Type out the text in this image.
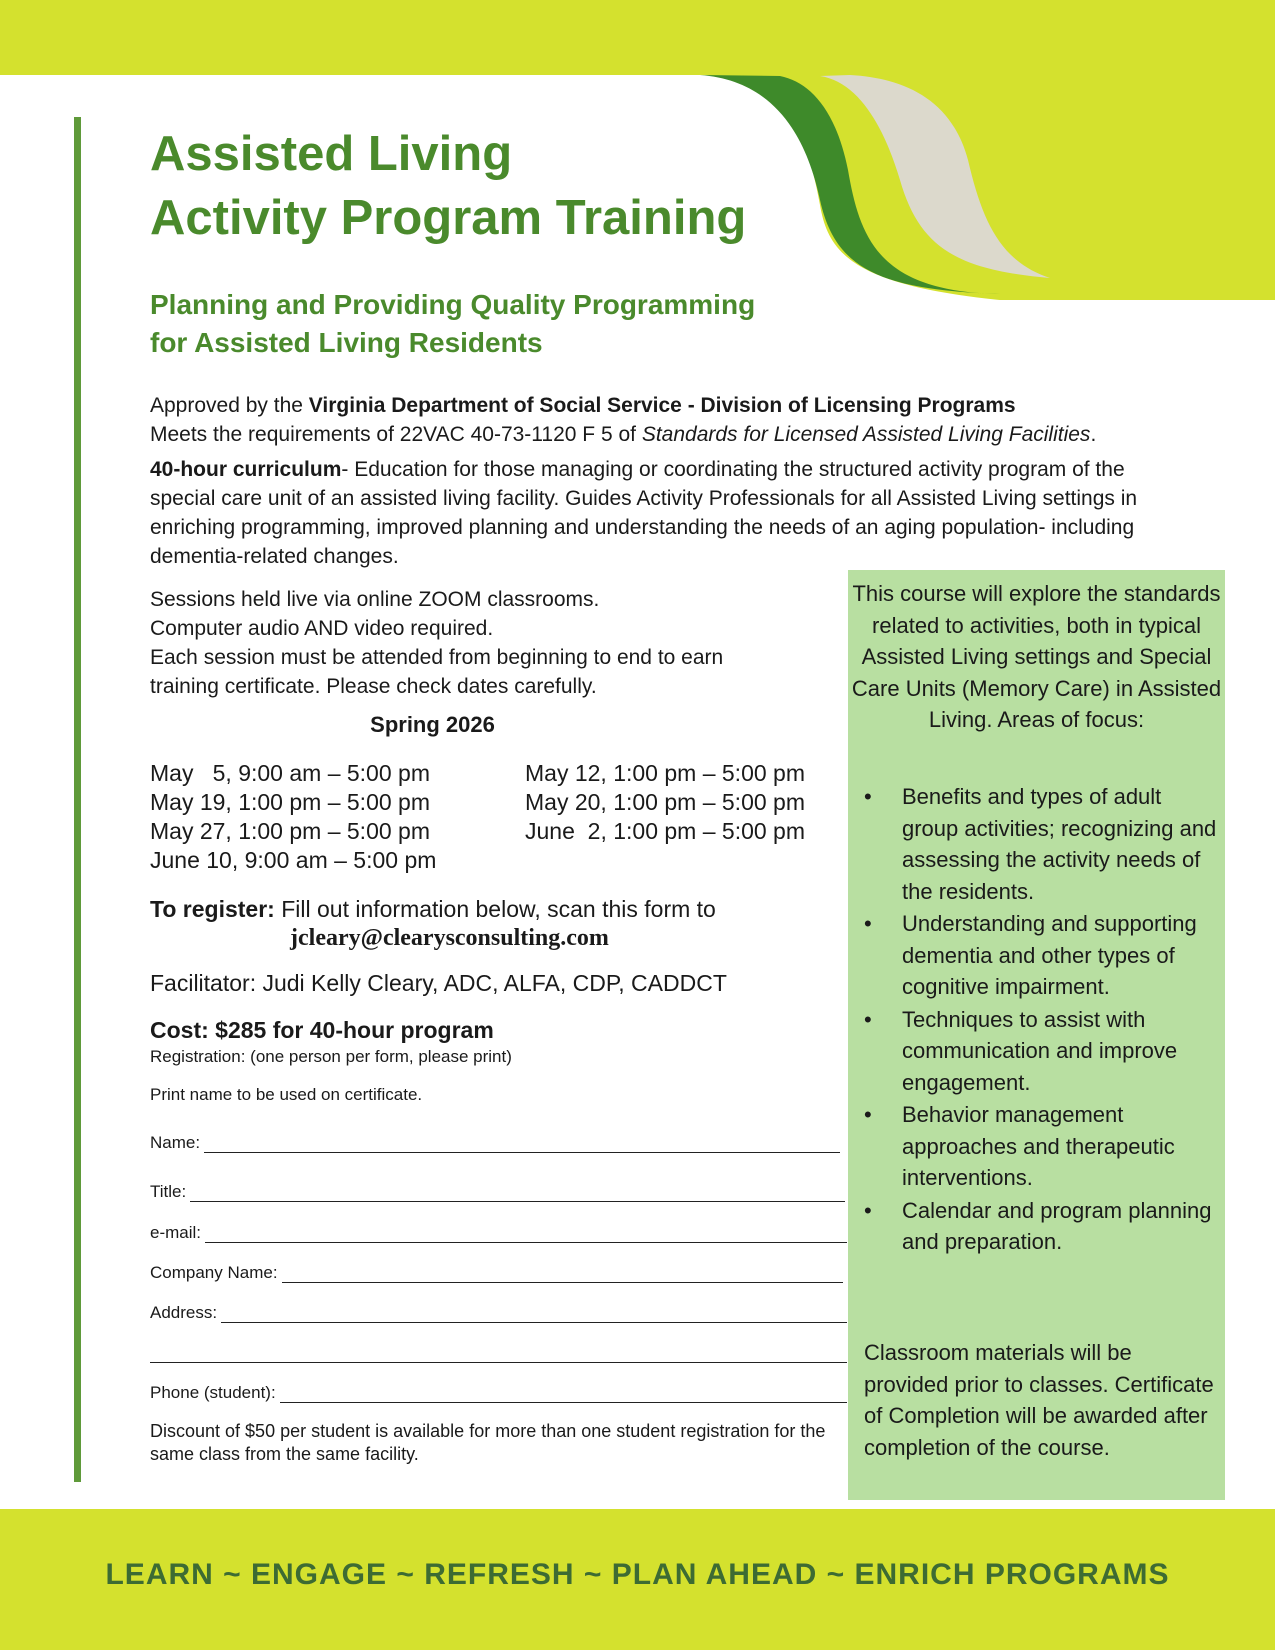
Assisted Living
Activity Program Training
Planning and Providing Quality Programming
for Assisted Living Residents
Approved by the Virginia Department of Social Service - Division of Licensing Programs
Meets the requirements of 22VAC 40-73-1120 F 5 of Standards for Licensed Assisted Living Facilities.
40-hour curriculum- Education for those managing or coordinating the structured activity program of the special care unit of an assisted living facility. Guides Activity Professionals for all Assisted Living settings in enriching programming, improved planning and understanding the needs of an aging population- including dementia-related changes.
Sessions held live via online ZOOM classrooms.
Computer audio AND video required.
Each session must be attended from beginning to end to earn training certificate. Please check dates carefully.
Spring 2026
May   5, 9:00 am – 5:00 pm
May 19, 1:00 pm – 5:00 pm
May 27, 1:00 pm – 5:00 pm
June 10, 9:00 am – 5:00 pm
May 12, 1:00 pm – 5:00 pm
May 20, 1:00 pm – 5:00 pm
June  2, 1:00 pm – 5:00 pm
To register: Fill out information below, scan this form to
jcleary@clearysconsulting.com
Facilitator: Judi Kelly Cleary, ADC, ALFA, CDP, CADDCT
Cost: $285 for 40-hour program
Registration: (one person per form, please print)
Print name to be used on certificate.
Name:
Title:
e-mail:
Company Name:
Address:
Phone (student):
Discount of $50 per student is available for more than one student registration for the same class from the same facility.
This course will explore the standards related to activities, both in typical Assisted Living settings and Special Care Units (Memory Care) in Assisted Living. Areas of focus:
• Benefits and types of adult group activities; recognizing and assessing the activity needs of the residents.
• Understanding and supporting dementia and other types of cognitive impairment.
• Techniques to assist with communication and improve engagement.
• Behavior management approaches and therapeutic interventions.
• Calendar and program planning and preparation.
Classroom materials will be provided prior to classes. Certificate of Completion will be awarded after completion of the course.
LEARN ~ ENGAGE ~ REFRESH ~ PLAN AHEAD ~ ENRICH PROGRAMS
